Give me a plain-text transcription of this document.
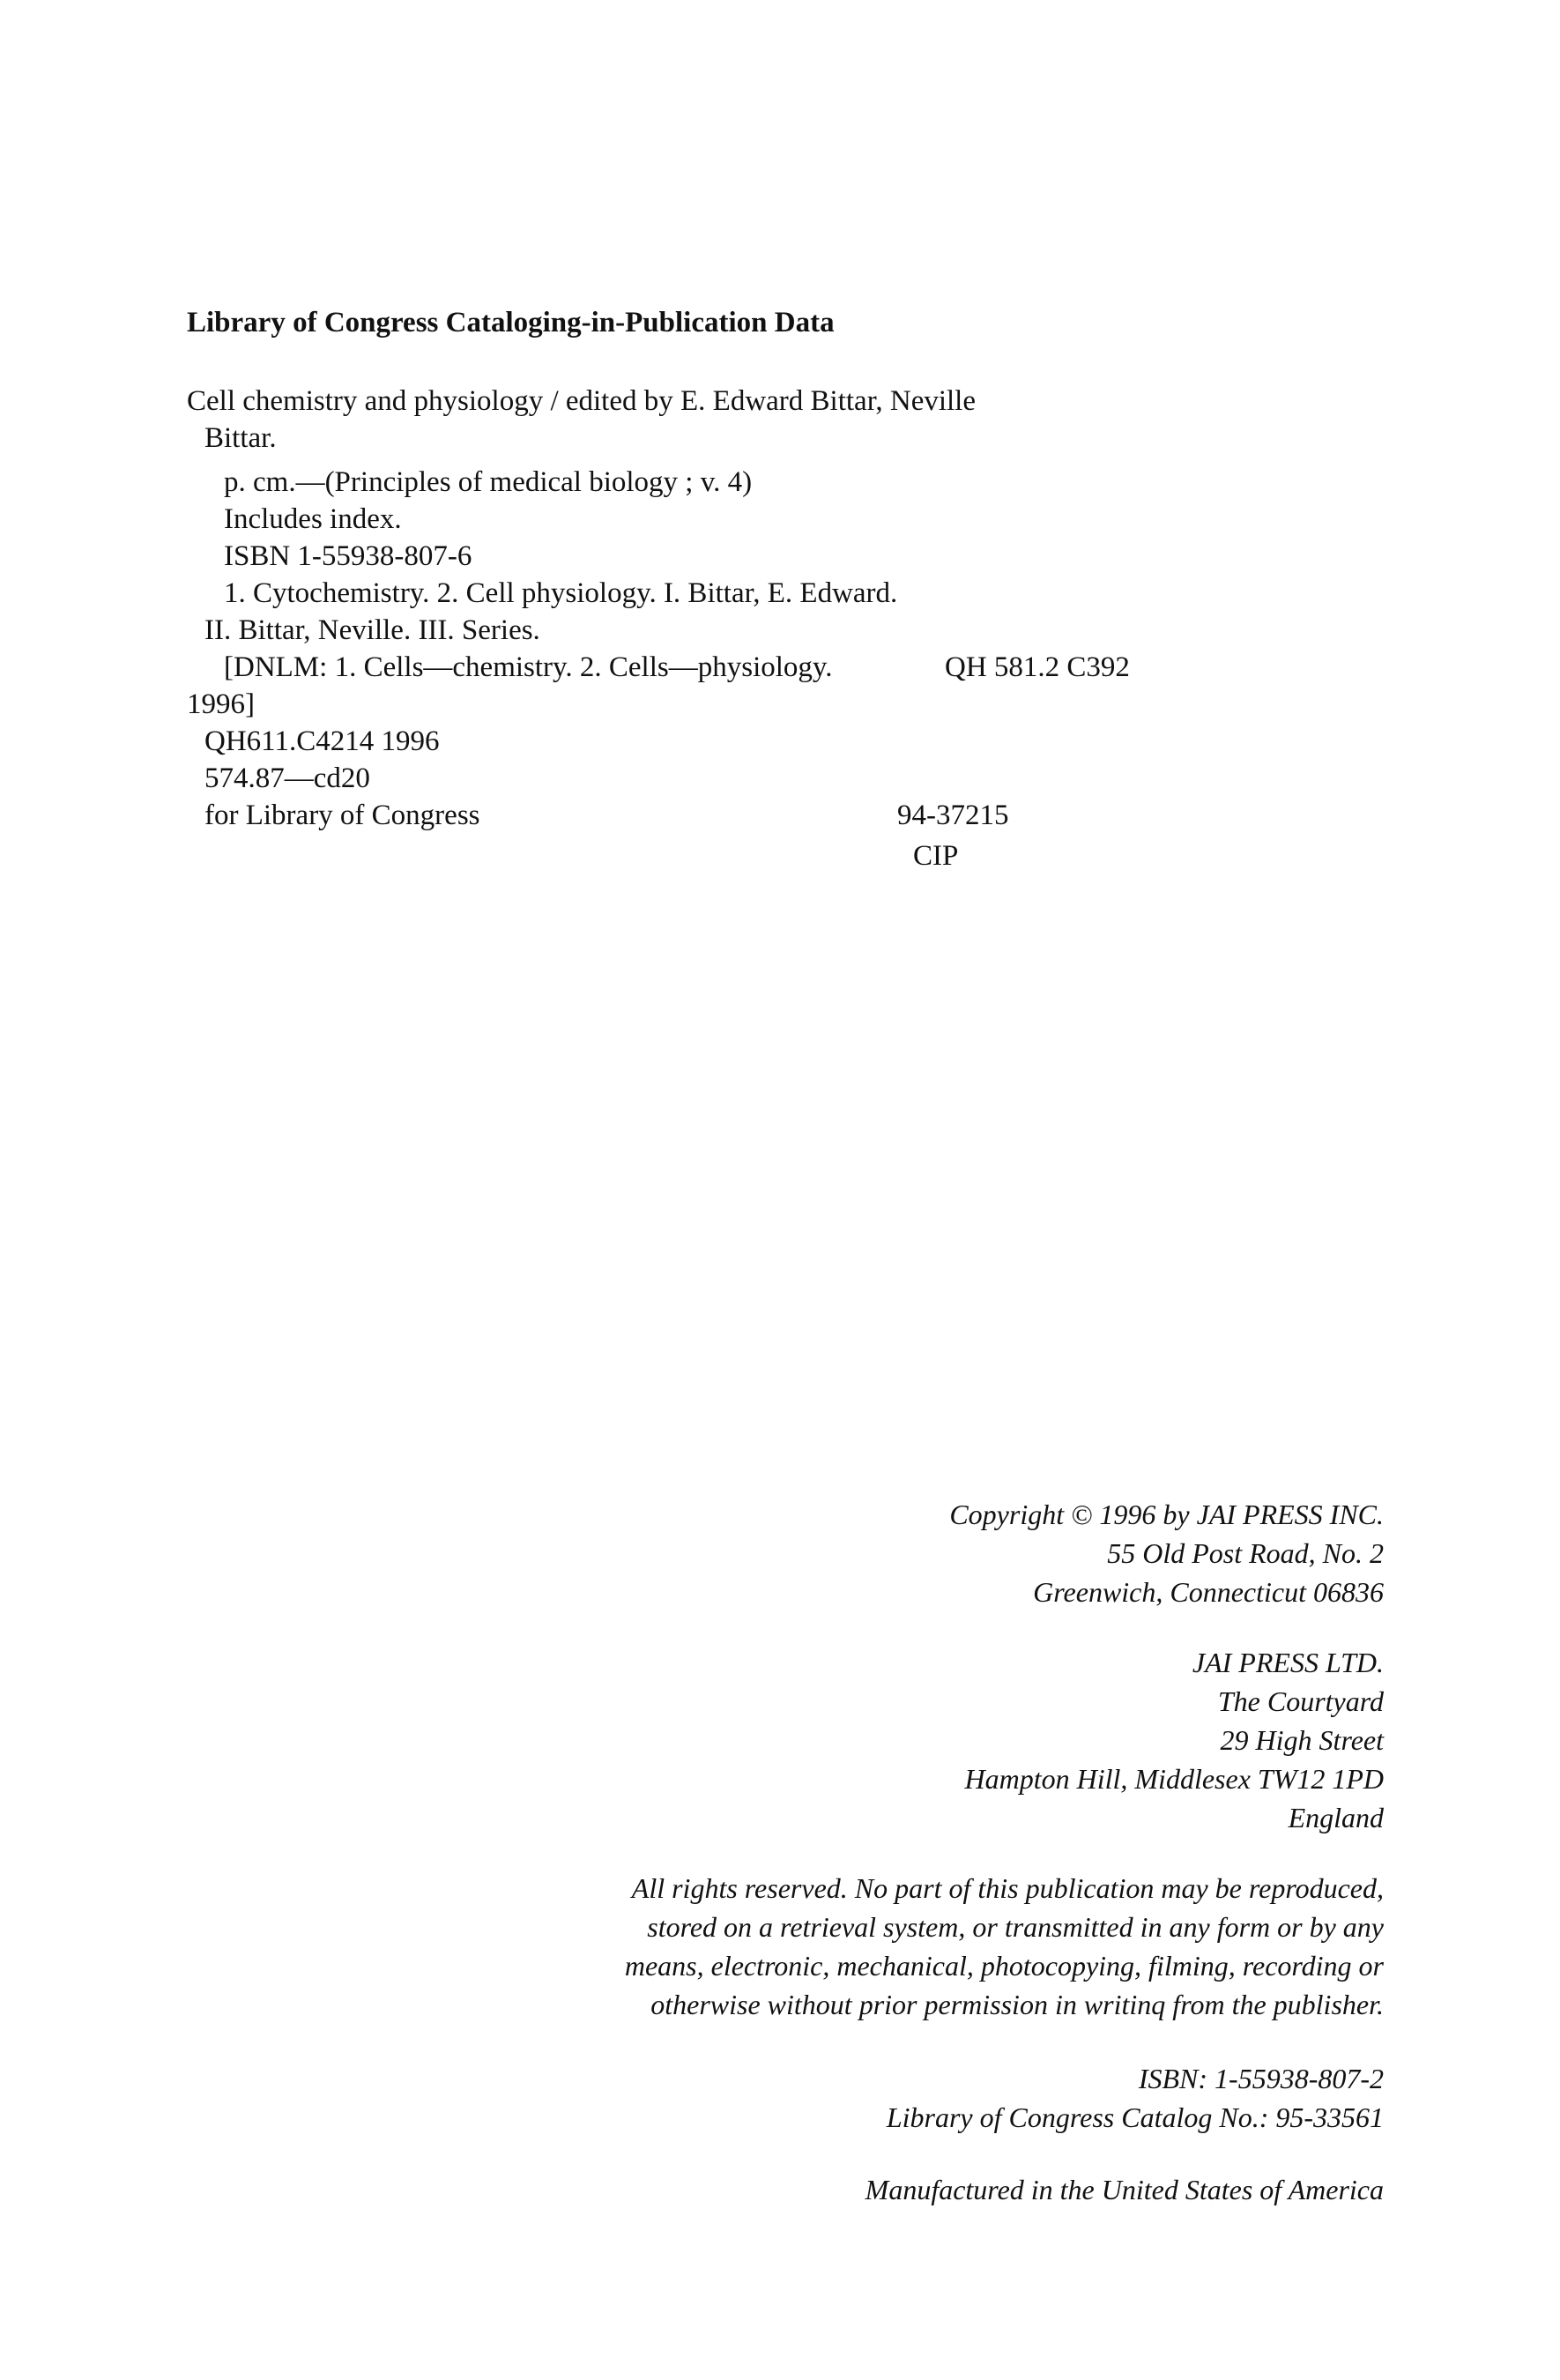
Library of Congress Cataloging-in-Publication Data
Cell chemistry and physiology / edited by E. Edward Bittar, Neville
Bittar.
p. cm.—(Principles of medical biology ; v. 4)
Includes index.
ISBN 1-55938-807-6
1. Cytochemistry. 2. Cell physiology. I. Bittar, E. Edward.
II. Bittar, Neville. III. Series.
[DNLM: 1. Cells—chemistry. 2. Cells—physiology.
1996]
QH611.C4214 1996
574.87—cd20
for Library of Congress
QH 581.2 C392
94-37215
CIP
Copyright © 1996 by JAI PRESS INC.
55 Old Post Road, No. 2
Greenwich, Connecticut 06836
JAI PRESS LTD.
The Courtyard
29 High Street
Hampton Hill, Middlesex TW12 1PD
England
All rights reserved. No part of this publication may be reproduced,
stored on a retrieval system, or transmitted in any form or by any
means, electronic, mechanical, photocopying, filming, recording or
otherwise without prior permission in writinq from the publisher.
ISBN: 1-55938-807-2
Library of Congress Catalog No.: 95-33561
Manufactured in the United States of America
